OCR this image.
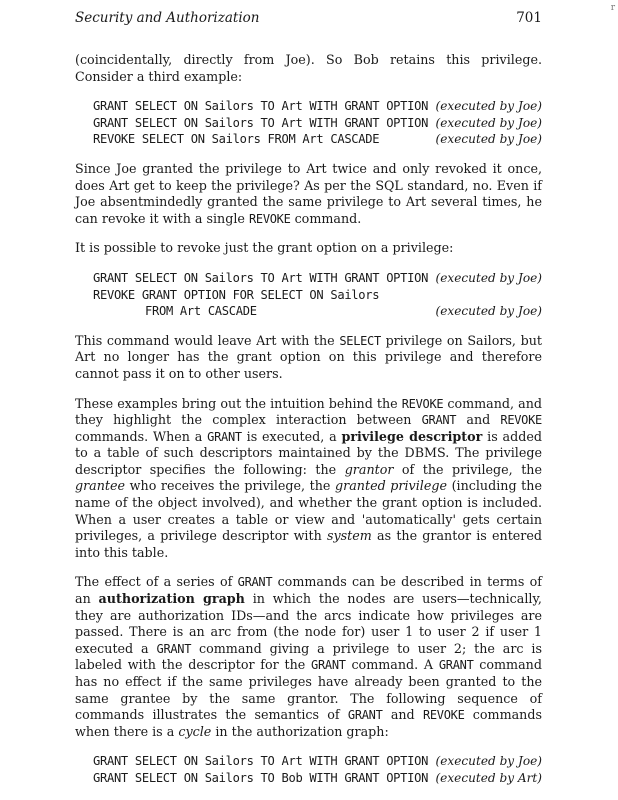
Security and Authorization	701
r

(coincidentally, directly from Joe). So Bob retains this privilege. Consider a third example:

GRANT SELECT ON Sailors TO Art WITH GRANT OPTION (executed by Joe)
GRANT SELECT ON Sailors TO Art WITH GRANT OPTION (executed by Joe)
REVOKE SELECT ON Sailors FROM Art CASCADE	(executed by Joe)

Since Joe granted the privilege to Art twice and only revoked it once, does Art get to keep the privilege? As per the SQL standard, no. Even if Joe absentmindedly granted the same privilege to Art several times, he can revoke it with a single REVOKE command.

It is possible to revoke just the grant option on a privilege:

GRANT SELECT ON Sailors TO Art WITH GRANT OPTION (executed by Joe)
REVOKE GRANT OPTION FOR SELECT ON Sailors
FROM Art CASCADE	(executed by Joe)

This command would leave Art with the SELECT privilege on Sailors, but Art no longer has the grant option on this privilege and therefore cannot pass it on to other users.

These examples bring out the intuition behind the REVOKE command, and they highlight the complex interaction between GRANT and REVOKE commands. When a GRANT is executed, a privilege descriptor is added to a table of such descriptors maintained by the DBMS. The privilege descriptor specifies the following: the grantor of the privilege, the grantee who receives the privilege, the granted privilege (including the name of the object involved), and whether the grant option is included. When a user creates a table or view and 'automatically' gets certain privileges, a privilege descriptor with system as the grantor is entered into this table.

The effect of a series of GRANT commands can be described in terms of an authorization graph in which the nodes are users—technically, they are authorization IDs—and the arcs indicate how privileges are passed. There is an arc from (the node for) user 1 to user 2 if user 1 executed a GRANT command giving a privilege to user 2; the arc is labeled with the descriptor for the GRANT command. A GRANT command has no effect if the same privileges have already been granted to the same grantee by the same grantor. The following sequence of commands illustrates the semantics of GRANT and REVOKE commands when there is a cycle in the authorization graph:

GRANT SELECT ON Sailors TO Art WITH GRANT OPTION (executed by Joe)
GRANT SELECT ON Sailors TO Bob WITH GRANT OPTION (executed by Art)
